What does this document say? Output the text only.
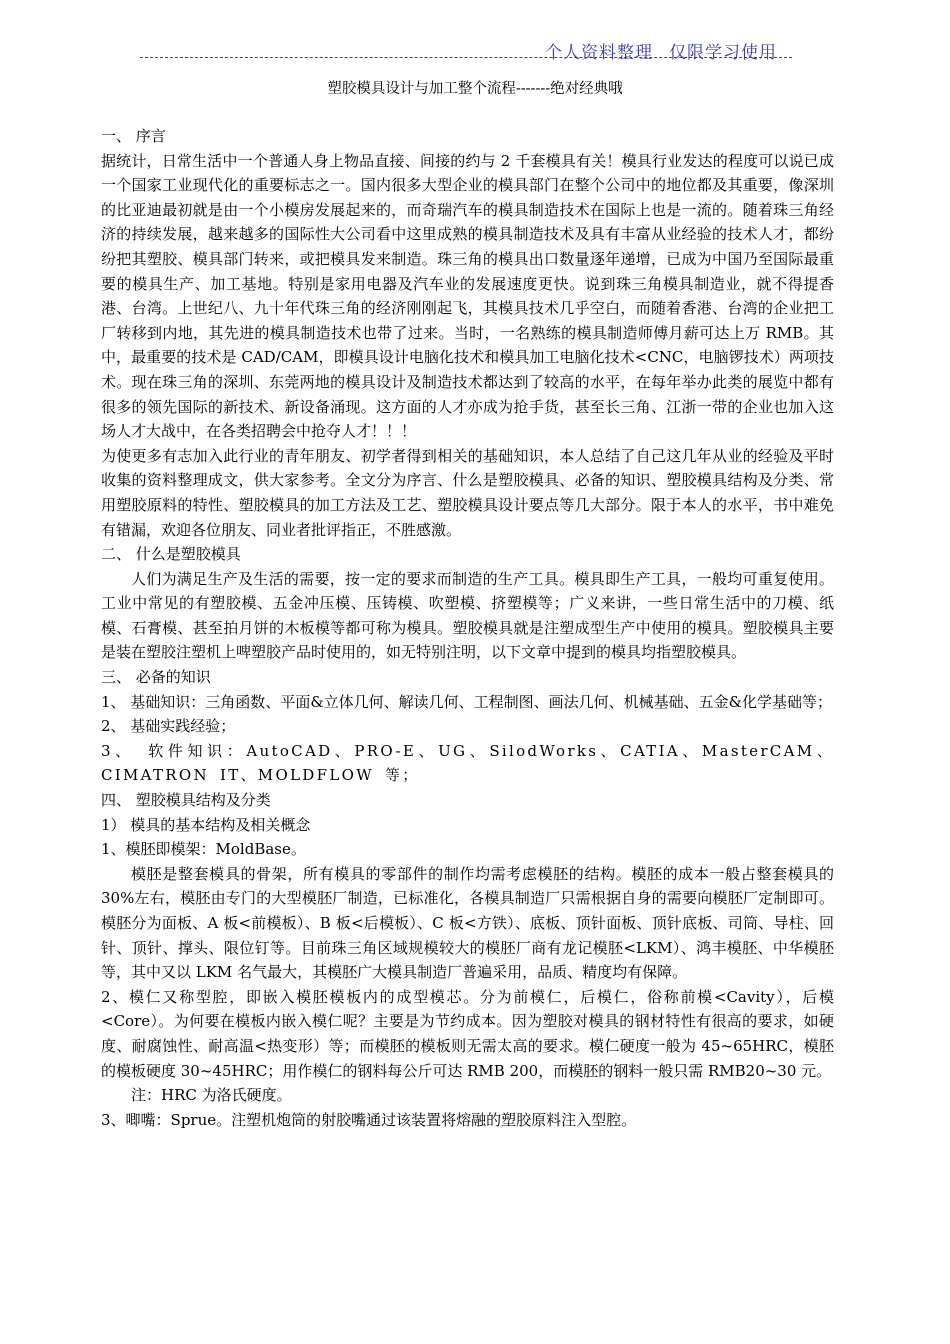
个人资料整理 仅限学习使用
塑胶模具设计与加工整个流程-------绝对经典哦

一、 序言

据统计，日常生活中一个普通人身上物品直接、间接的约与 2 千套模具有关！模具行业发达的程度可以说已成一个国家工业现代化的重要标志之一。国内很多大型企业的模具部门在整个公司中的地位都及其重要，像深圳的比亚迪最初就是由一个小模房发展起来的，而奇瑞汽车的模具制造技术在国际上也是一流的。随着珠三角经济的持续发展，越来越多的国际性大公司看中这里成熟的模具制造技术及具有丰富从业经验的技术人才，都纷纷把其塑胶、模具部门转来，或把模具发来制造。珠三角的模具出口数量逐年递增，已成为中国乃至国际最重要的模具生产、加工基地。特别是家用电器及汽车业的发展速度更快。说到珠三角模具制造业，就不得提香港、台湾。上世纪八、九十年代珠三角的经济刚刚起飞，其模具技术几乎空白，而随着香港、台湾的企业把工厂转移到内地，其先进的模具制造技术也带了过来。当时，一名熟练的模具制造师傅月薪可达上万 RMB。其中，最重要的技术是 CAD/CAM，即模具设计电脑化技术和模具加工电脑化技术<CNC，电脑锣技术）两项技术。现在珠三角的深圳、东莞两地的模具设计及制造技术都达到了较高的水平，在每年举办此类的展览中都有很多的领先国际的新技术、新设备涌现。这方面的人才亦成为抢手货，甚至长三角、江浙一带的企业也加入这场人才大战中，在各类招聘会中抢夺人才！！！

为使更多有志加入此行业的青年朋友、初学者得到相关的基础知识，本人总结了自己这几年从业的经验及平时收集的资料整理成文，供大家参考。全文分为序言、什么是塑胶模具、必备的知识、塑胶模具结构及分类、常用塑胶原料的特性、塑胶模具的加工方法及工艺、塑胶模具设计要点等几大部分。限于本人的水平，书中难免有错漏，欢迎各位朋友、同业者批评指正，不胜感激。

二、 什么是塑胶模具

人们为满足生产及生活的需要，按一定的要求而制造的生产工具。模具即生产工具，一般均可重复使用。工业中常见的有塑胶模、五金冲压模、压铸模、吹塑模、挤塑模等；广义来讲，一些日常生活中的刀模、纸模、石膏模、甚至拍月饼的木板模等都可称为模具。塑胶模具就是注塑成型生产中使用的模具。塑胶模具主要是装在塑胶注塑机上啤塑胶产品时使用的，如无特别注明，以下文章中提到的模具均指塑胶模具。

三、 必备的知识

1、 基础知识：三角函数、平面&立体几何、解读几何、工程制图、画法几何、机械基础、五金&化学基础等；

2、 基础实践经验；

3、 软件知识：AutoCAD、PRO-E、UG、SilodWorks、CATIA、MasterCAM、CIMATRON IT、MOLDFLOW 等；

四、 塑胶模具结构及分类

1） 模具的基本结构及相关概念

1、模胚即模架：MoldBase。

模胚是整套模具的骨架，所有模具的零部件的制作均需考虑模胚的结构。模胚的成本一般占整套模具的 30%左右，模胚由专门的大型模胚厂制造，已标准化，各模具制造厂只需根据自身的需要向模胚厂定制即可。模胚分为面板、A 板<前模板）、B 板<后模板）、C 板<方铁）、底板、顶针面板、顶针底板、司筒、导柱、回针、顶针、撑头、限位钉等。目前珠三角区域规模较大的模胚厂商有龙记模胚<LKM）、鸿丰模胚、中华模胚等，其中又以 LKM 名气最大，其模胚广大模具制造厂普遍采用，品质、精度均有保障。

2、模仁又称型腔，即嵌入模胚模板内的成型模芯。分为前模仁，后模仁，俗称前模<Cavity），后模<Core）。为何要在模板内嵌入模仁呢？主要是为节约成本。因为塑胶对模具的钢材特性有很高的要求，如硬度、耐腐蚀性、耐高温<热变形）等；而模胚的模板则无需太高的要求。模仁硬度一般为 45~65HRC，模胚的模板硬度 30~45HRC；用作模仁的钢料每公斤可达 RMB 200，而模胚的钢料一般只需 RMB20~30 元。

注：HRC 为洛氏硬度。

3、唧嘴：Sprue。注塑机炮筒的射胶嘴通过该装置将熔融的塑胶原料注入型腔。
